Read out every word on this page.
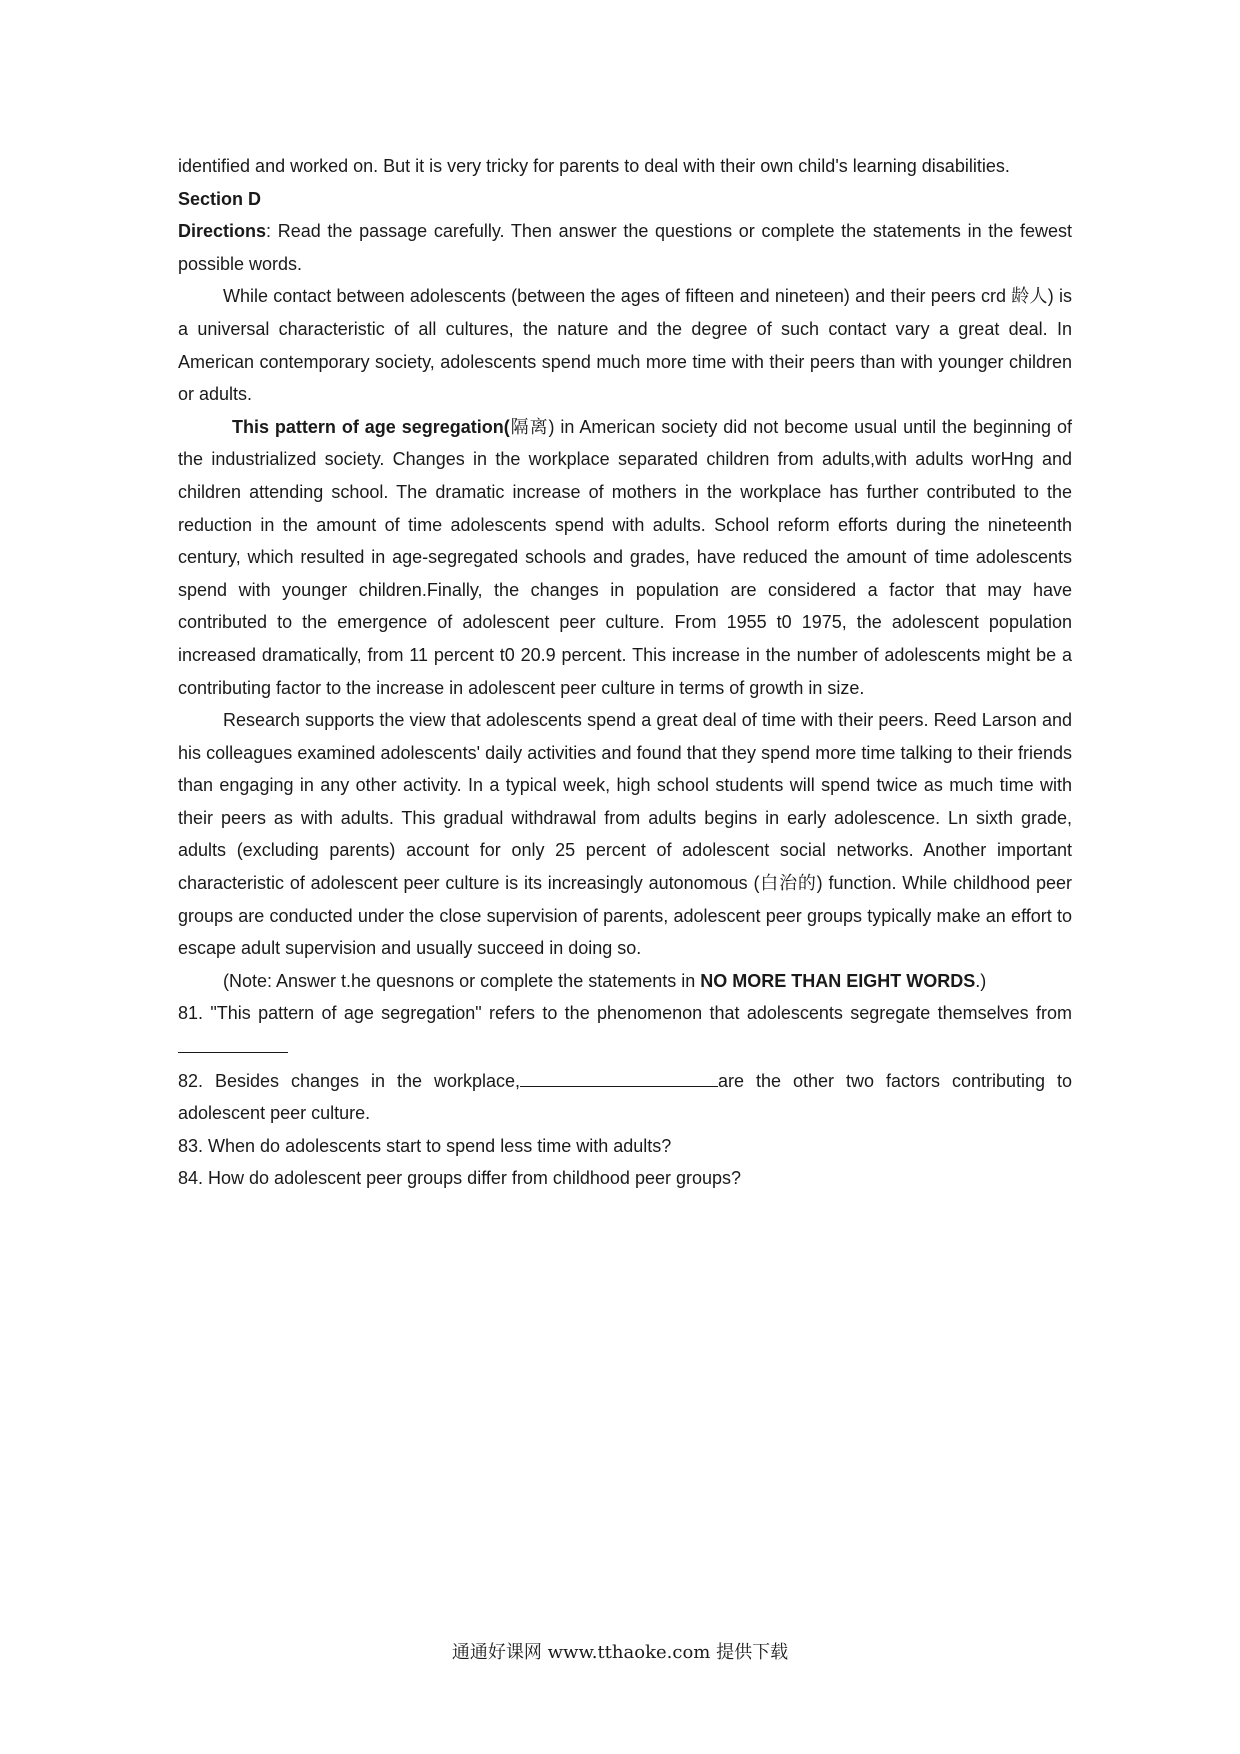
identified and worked on. But it is very tricky for parents to deal with their own child's learning disabilities.

Section D

Directions: Read the passage carefully. Then answer the questions or complete the statements in the fewest possible words.

While contact between adolescents (between the ages of fifteen and nineteen) and their peers crd 龄人) is a universal characteristic of all cultures, the nature and the degree of such contact vary a great deal. In American contemporary society, adolescents spend much more time with their peers than with younger children or adults.

This pattern of age segregation(隔离) in American society did not become usual until the beginning of the industrialized society. Changes in the workplace separated children from adults,with adults worHng and children attending school. The dramatic increase of mothers in the workplace has further contributed to the reduction in the amount of time adolescents spend with adults. School reform efforts during the nineteenth century, which resulted in age-segregated schools and grades, have reduced the amount of time adolescents spend with younger children.Finally, the changes in population are considered a factor that may have contributed to the emergence of adolescent peer culture. From 1955 t0 1975, the adolescent population increased dramatically, from 11 percent t0 20.9 percent. This increase in the number of adolescents might be a contributing factor to the increase in adolescent peer culture in terms of growth in size.

Research supports the view that adolescents spend a great deal of time with their peers. Reed Larson and his colleagues examined adolescents' daily activities and found that they spend more time talking to their friends than engaging in any other activity. In a typical week, high school students will spend twice as much time with their peers as with adults. This gradual withdrawal from adults begins in early adolescence. Ln sixth grade, adults (excluding parents) account for only 25 percent of adolescent social networks. Another important characteristic of adolescent peer culture is its increasingly autonomous (白治的) function. While childhood peer groups are conducted under the close supervision of parents, adolescent peer groups typically make an effort to escape adult supervision and usually succeed in doing so.

(Note: Answer t.he quesnons or complete the statements in NO MORE THAN EIGHT WORDS.)

81. "This pattern of age segregation" refers to the phenomenon that adolescents segregate themselves from

82. Besides changes in the workplace,	are the other two factors contributing to adolescent peer culture.

83. When do adolescents start to spend less time with adults?

84. How do adolescent peer groups differ from childhood peer groups?

通通好课网 www.tthaoke.com 提供下载
